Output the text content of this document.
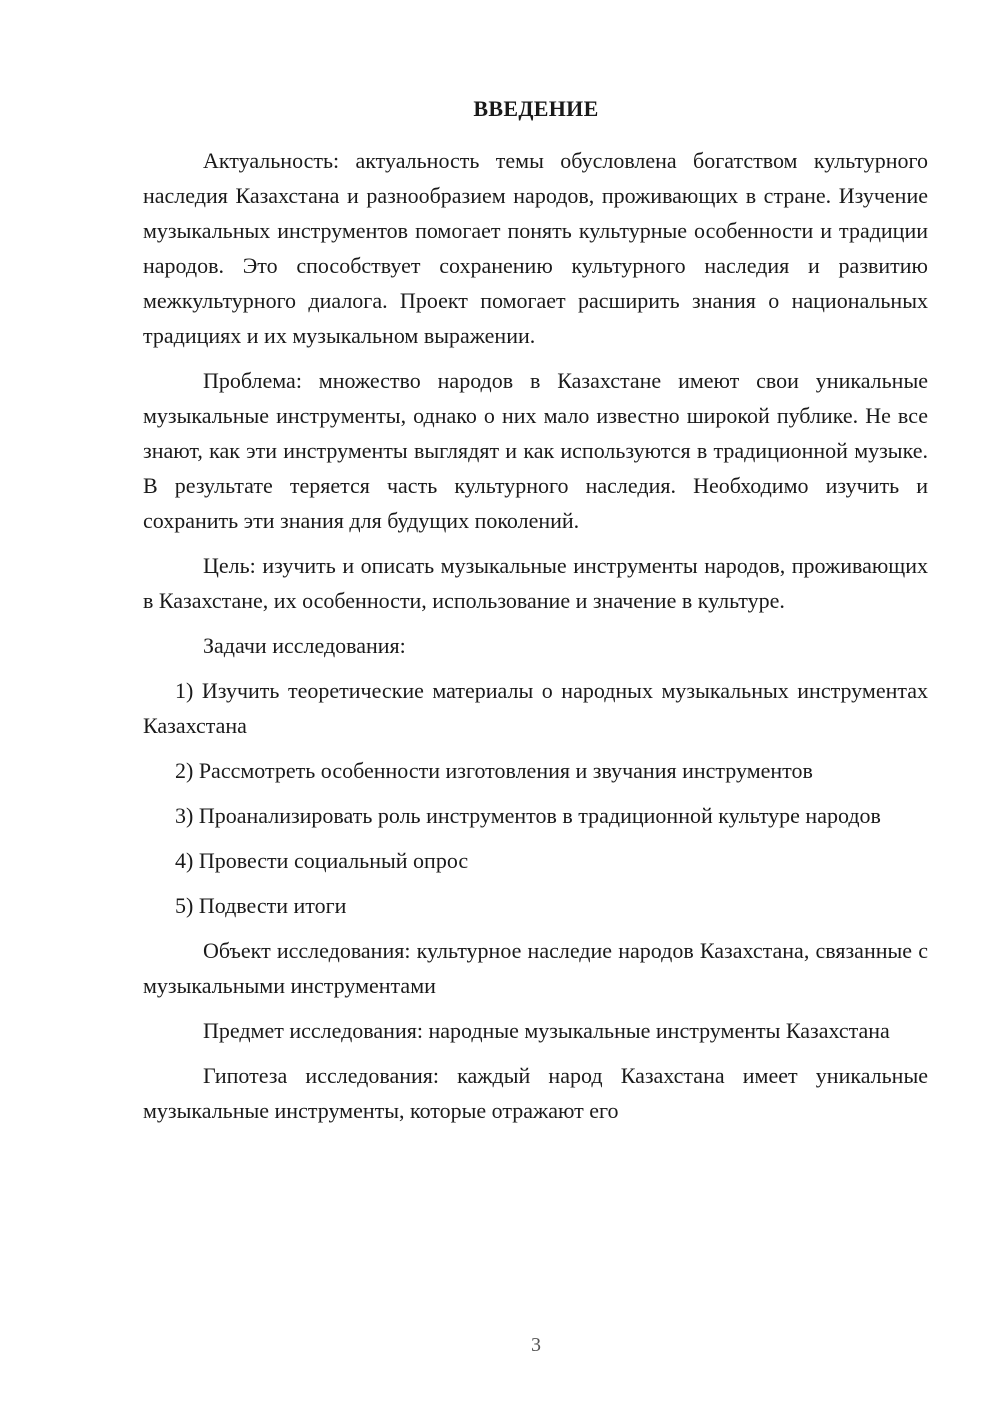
ВВЕДЕНИЕ

Актуальность: актуальность темы обусловлена богатством культурного наследия Казахстана и разнообразием народов, проживающих в стране. Изучение музыкальных инструментов помогает понять культурные особенности и традиции народов. Это способствует сохранению культурного наследия и развитию межкультурного диалога. Проект помогает расширить знания о национальных традициях и их музыкальном выражении.

Проблема: множество народов в Казахстане имеют свои уникальные музыкальные инструменты, однако о них мало известно широкой публике. Не все знают, как эти инструменты выглядят и как используются в традиционной музыке. В результате теряется часть культурного наследия. Необходимо изучить и сохранить эти знания для будущих поколений.

Цель: изучить и описать музыкальные инструменты народов, проживающих в Казахстане, их особенности, использование и значение в культуре.

Задачи исследования:

1) Изучить теоретические материалы о народных музыкальных инструментах Казахстана

2) Рассмотреть особенности изготовления и звучания инструментов

3) Проанализировать роль инструментов в традиционной культуре народов

4) Провести социальный опрос

5) Подвести итоги

Объект исследования: культурное наследие народов Казахстана, связанные с музыкальными инструментами

Предмет исследования: народные музыкальные инструменты Казахстана

Гипотеза исследования: каждый народ Казахстана имеет уникальные музыкальные инструменты, которые отражают его

3
